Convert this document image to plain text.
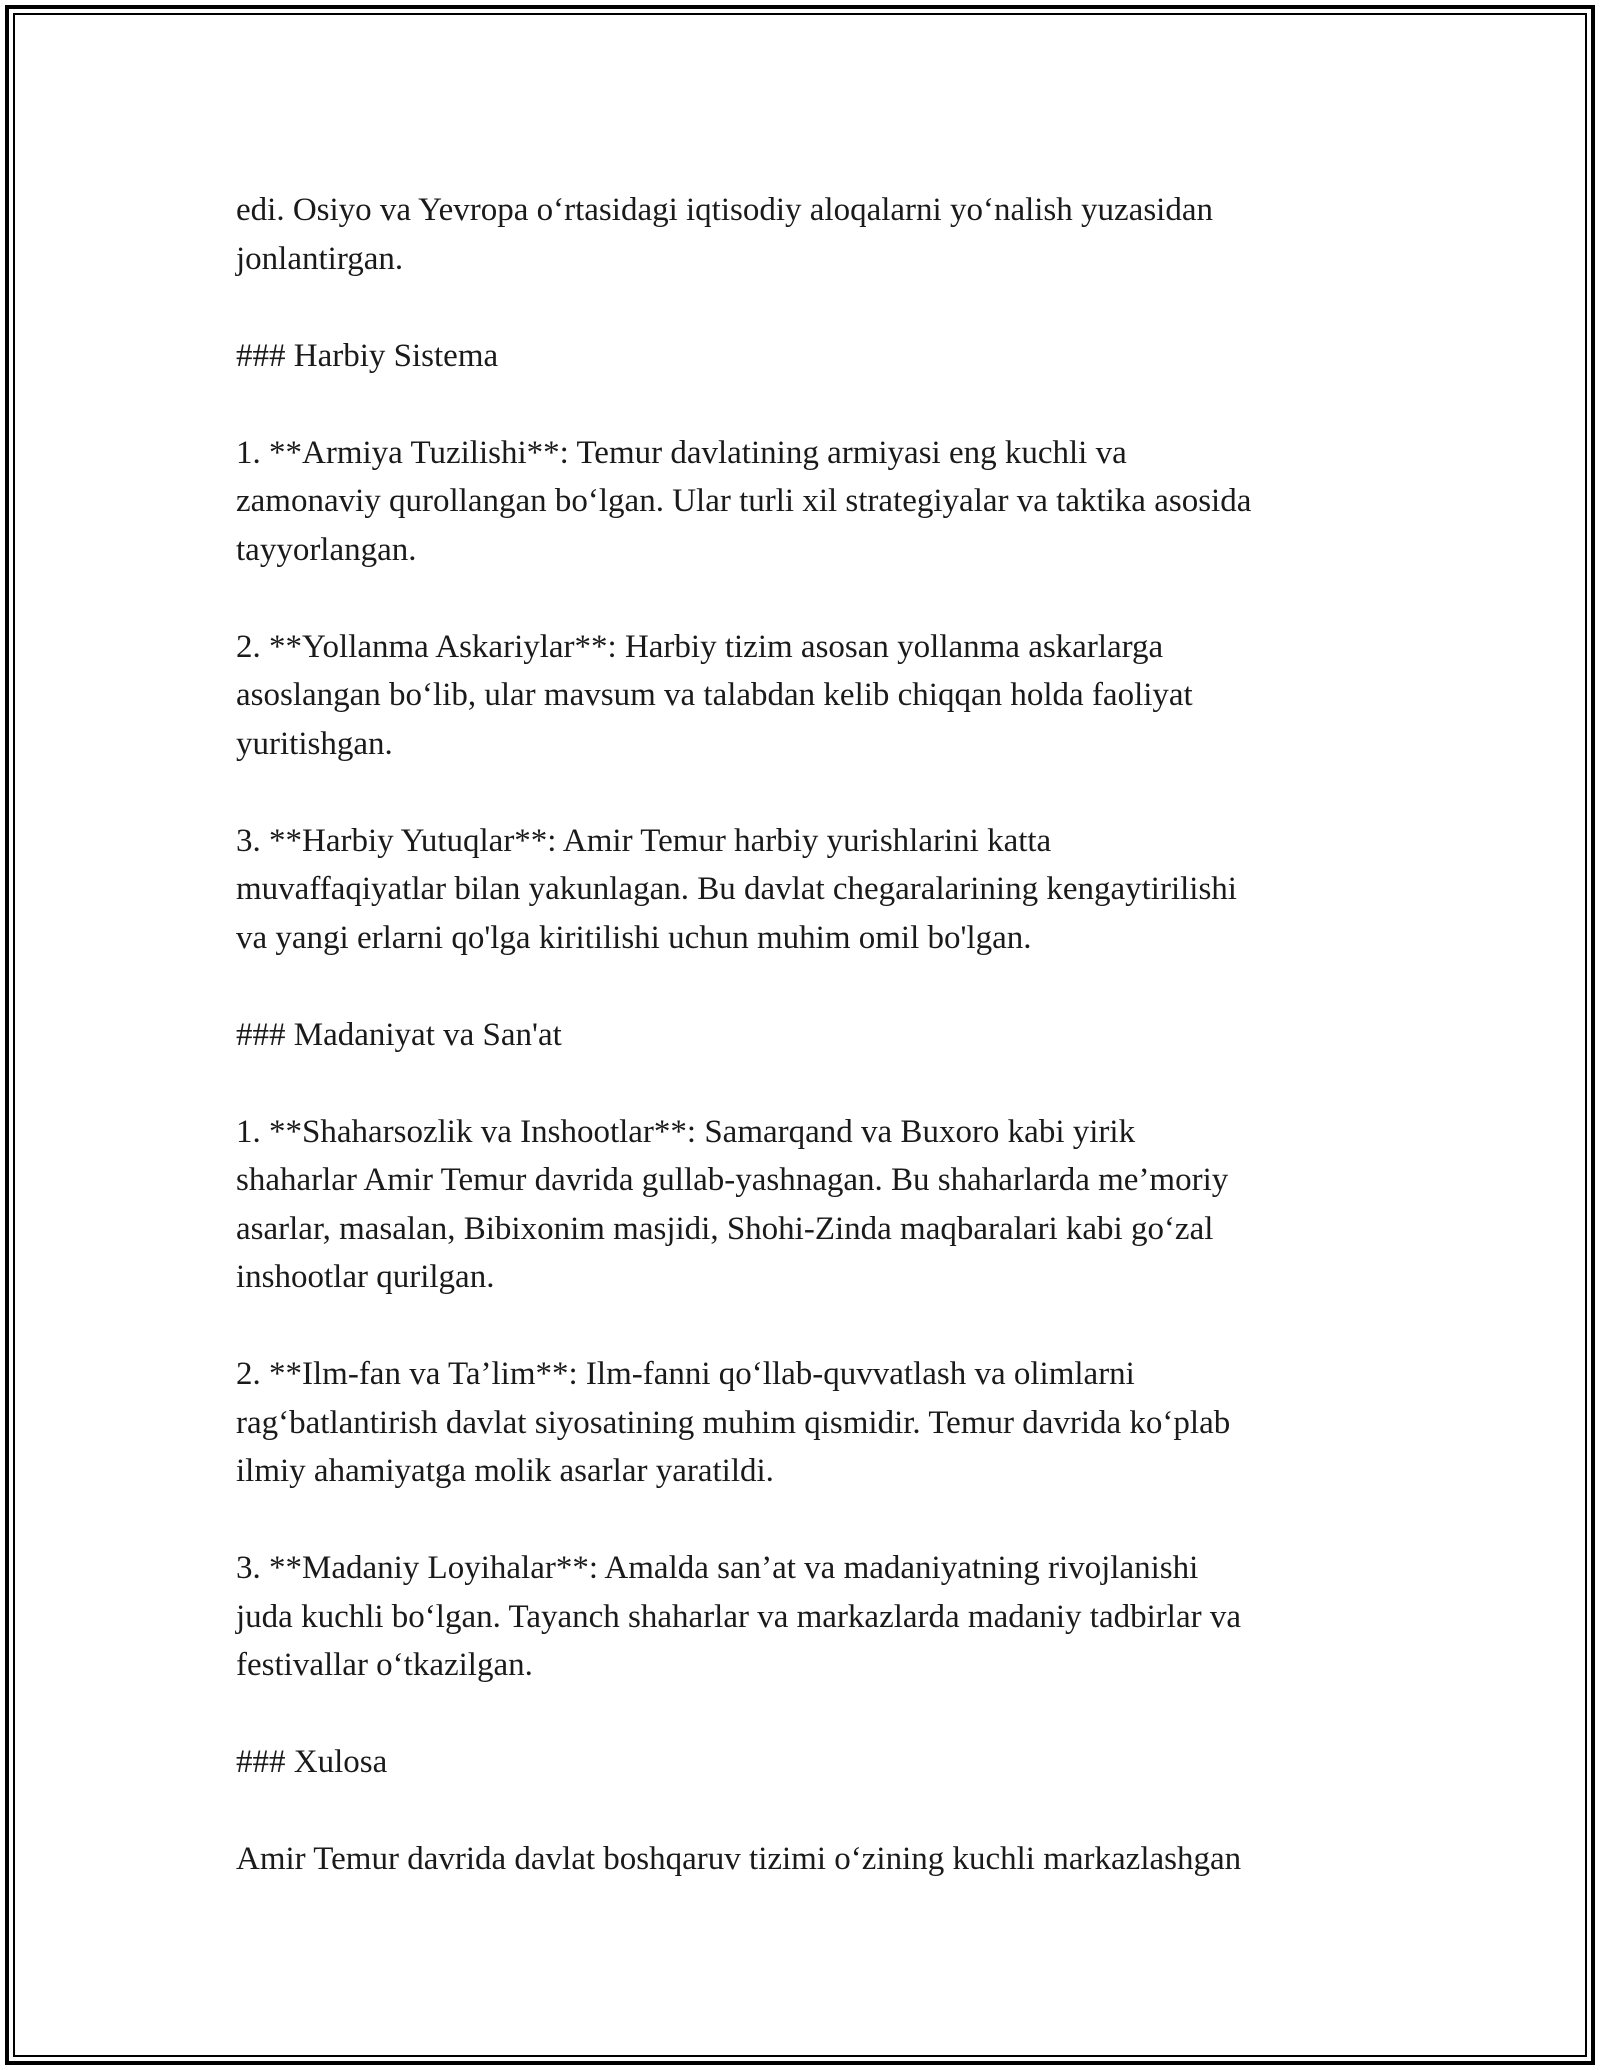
edi. Osiyo va Yevropa o‘rtasidagi iqtisodiy aloqalarni yo‘nalish yuzasidan
jonlantirgan.
### Harbiy Sistema
1. **Armiya Tuzilishi**: Temur davlatining armiyasi eng kuchli va
zamonaviy qurollangan bo‘lgan. Ular turli xil strategiyalar va taktika asosida
tayyorlangan.
2. **Yollanma Askariylar**: Harbiy tizim asosan yollanma askarlarga
asoslangan bo‘lib, ular mavsum va talabdan kelib chiqqan holda faoliyat
yuritishgan.
3. **Harbiy Yutuqlar**: Amir Temur harbiy yurishlarini katta
muvaffaqiyatlar bilan yakunlagan. Bu davlat chegaralarining kengaytirilishi
va yangi erlarni qo'lga kiritilishi uchun muhim omil bo'lgan.
### Madaniyat va San'at
1. **Shaharsozlik va Inshootlar**: Samarqand va Buxoro kabi yirik
shaharlar Amir Temur davrida gullab-yashnagan. Bu shaharlarda me’moriy
asarlar, masalan, Bibixonim masjidi, Shohi-Zinda maqbaralari kabi go‘zal
inshootlar qurilgan.
2. **Ilm-fan va Ta’lim**: Ilm-fanni qo‘llab-quvvatlash va olimlarni
rag‘batlantirish davlat siyosatining muhim qismidir. Temur davrida ko‘plab
ilmiy ahamiyatga molik asarlar yaratildi.
3. **Madaniy Loyihalar**: Amalda san’at va madaniyatning rivojlanishi
juda kuchli bo‘lgan. Tayanch shaharlar va markazlarda madaniy tadbirlar va
festivallar o‘tkazilgan.
### Xulosa
Amir Temur davrida davlat boshqaruv tizimi o‘zining kuchli markazlashgan
